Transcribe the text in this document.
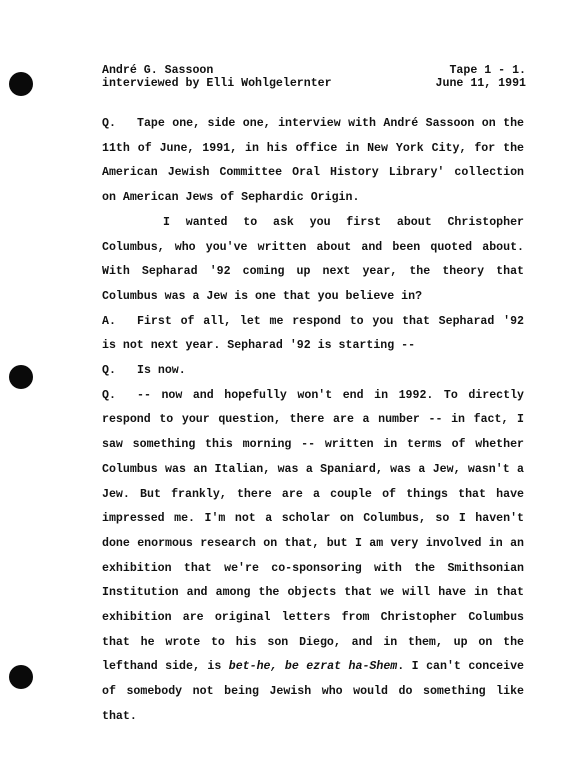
André G. Sassoon	Tape 1 - 1.
interviewed by Elli Wohlgelernter	June 11, 1991

Q. Tape one, side one, interview with André Sassoon on the 11th of June, 1991, in his office in New York City, for the American Jewish Committee Oral History Library' collection on American Jews of Sephardic Origin.

I wanted to ask you first about Christopher Columbus, who you've written about and been quoted about. With Sepharad '92 coming up next year, the theory that Columbus was a Jew is one that you believe in?

A. First of all, let me respond to you that Sepharad '92 is not next year. Sepharad '92 is starting --

Q. Is now.

Q. -- now and hopefully won't end in 1992. To directly respond to your question, there are a number -- in fact, I saw something this morning -- written in terms of whether Columbus was an Italian, was a Spaniard, was a Jew, wasn't a Jew. But frankly, there are a couple of things that have impressed me. I'm not a scholar on Columbus, so I haven't done enormous research on that, but I am very involved in an exhibition that we're co-sponsoring with the Smithsonian Institution and among the objects that we will have in that exhibition are original letters from Christopher Columbus that he wrote to his son Diego, and in them, up on the lefthand side, is bet-he, be ezrat ha-Shem. I can't conceive of somebody not being Jewish who would do something like that.
